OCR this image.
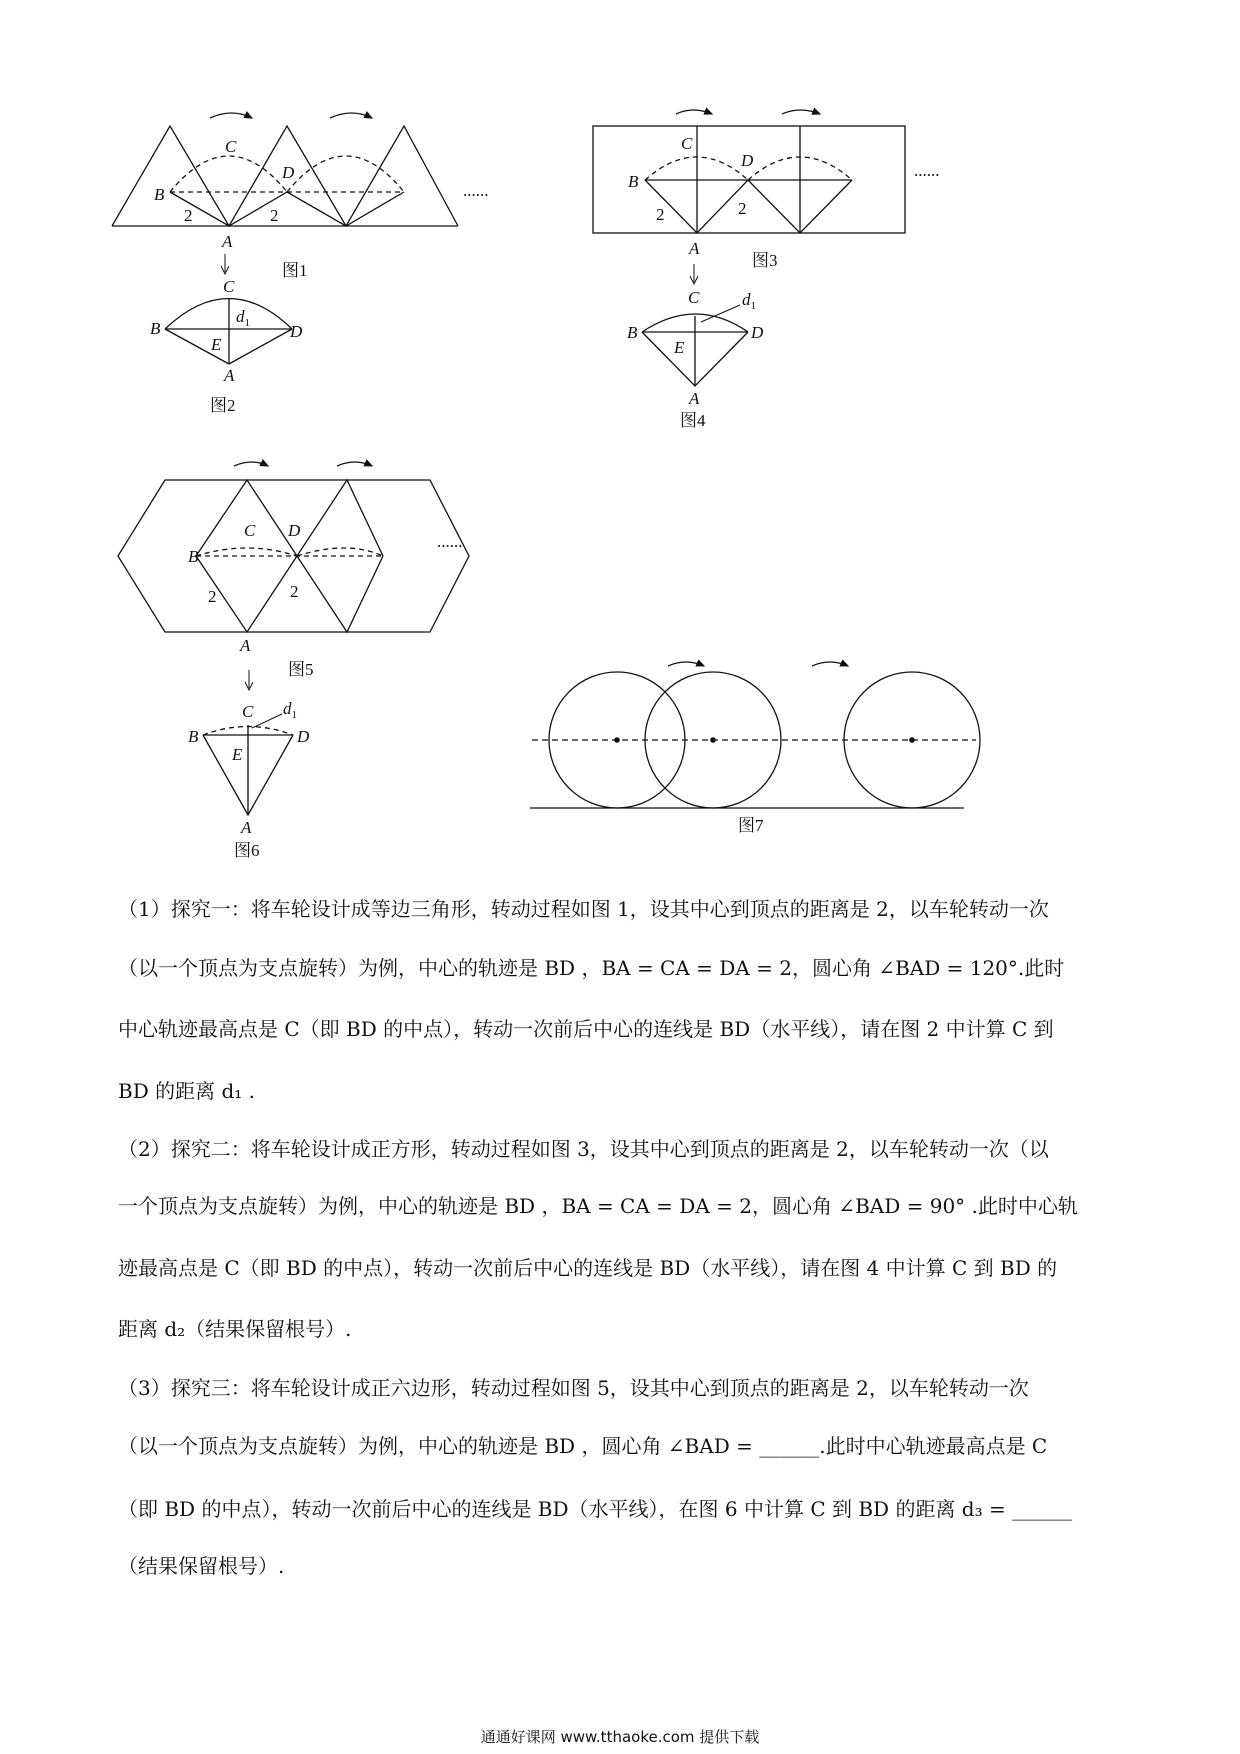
C
D
B
A
2	2
......
图1
C
B	D
E
A
$d_1$
图2
C
D
B
A
2	2
......
图3
C
B	D
E
A
$d_1$
图4
C D
B
A
2	2
......
图5
C
B	D
E
A
$d_1$
图6
图7
（1）探究一：将车轮设计成等边三角形，转动过程如图 1，设其中心到顶点的距离是 2，以车轮转动一次
（以一个顶点为支点旋转）为例，中心的轨迹是 BD ，BA = CA = DA = 2，圆心角 ∠BAD = 120°.此时
中心轨迹最高点是 C（即 BD 的中点），转动一次前后中心的连线是 BD（水平线），请在图 2 中计算 C 到
BD 的距离 d₁ .
（2）探究二：将车轮设计成正方形，转动过程如图 3，设其中心到顶点的距离是 2，以车轮转动一次（以
一个顶点为支点旋转）为例，中心的轨迹是 BD ，BA = CA = DA = 2，圆心角 ∠BAD = 90° .此时中心轨
迹最高点是 C（即 BD 的中点），转动一次前后中心的连线是 BD（水平线），请在图 4 中计算 C 到 BD 的
距离 d₂（结果保留根号）.
（3）探究三：将车轮设计成正六边形，转动过程如图 5，设其中心到顶点的距离是 2，以车轮转动一次
（以一个顶点为支点旋转）为例，中心的轨迹是 BD ，圆心角 ∠BAD = ______.此时中心轨迹最高点是 C
（即 BD 的中点），转动一次前后中心的连线是 BD（水平线），在图 6 中计算 C 到 BD 的距离 d₃ = ______
（结果保留根号）.
通通好课网 www.tthaoke.com 提供下载
